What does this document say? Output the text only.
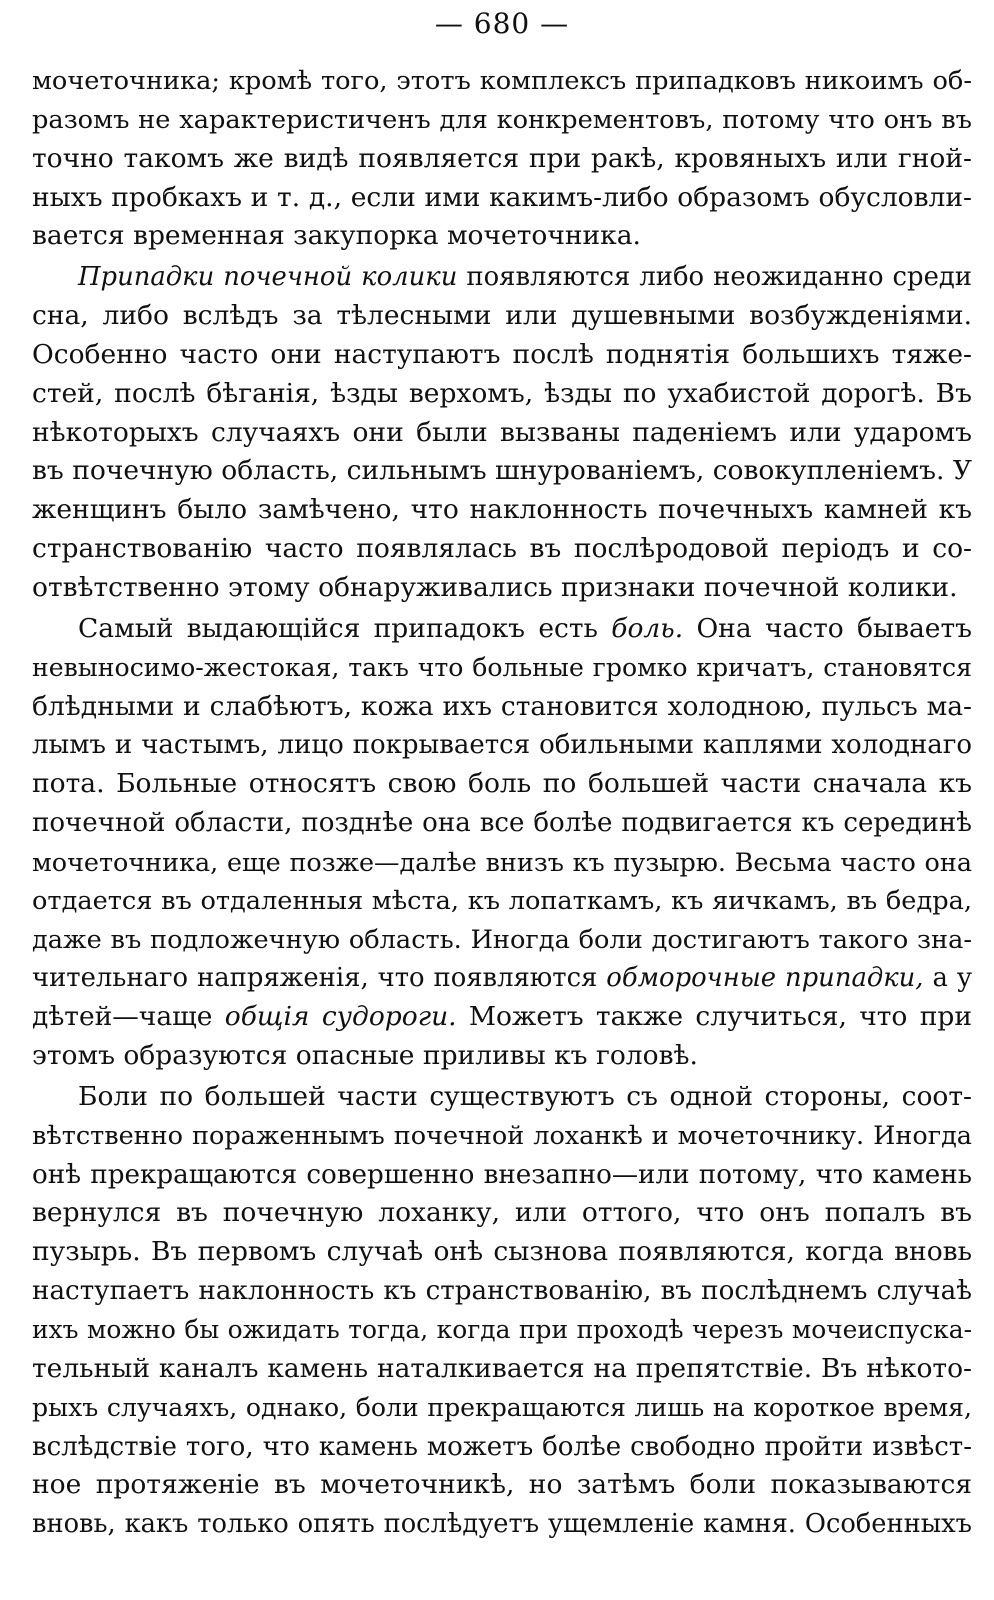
— 680 —
мочеточника; кромѣ того, этотъ комплексъ припадковъ никоимъ об-
разомъ не характеристиченъ для конкрементовъ, потому что онъ въ
точно такомъ же видѣ появляется при ракѣ, кровяныхъ или гной-
ныхъ пробкахъ и т. д., если ими какимъ-либо образомъ обусловли-
вается временная закупорка мочеточника.
Припадки почечной колики появляются либо неожиданно среди
сна, либо вслѣдъ за тѣлесными или душевными возбужденiями.
Особенно часто они наступаютъ послѣ поднятiя большихъ тяже-
стей, послѣ бѣганiя, ѣзды верхомъ, ѣзды по ухабистой дорогѣ. Въ
нѣкоторыхъ случаяхъ они были вызваны паденiемъ или ударомъ
въ почечную область, сильнымъ шнурованiемъ, совокупленiемъ. У
женщинъ было замѣчено, что наклонность почечныхъ камней къ
странствованiю часто появлялась въ послѣродовой перiодъ и со-
отвѣтственно этому обнаруживались признаки почечной колики.
Самый выдающiйся припадокъ есть боль. Она часто бываетъ
невыносимо-жестокая, такъ что больные громко кричатъ, становятся
блѣдными и слабѣютъ, кожа ихъ становится холодною, пульсъ ма-
лымъ и частымъ, лицо покрывается обильными каплями холоднаго
пота. Больные относятъ свою боль по большей части сначала къ
почечной области, позднѣе она все болѣе подвигается къ серединѣ
мочеточника, еще позже—далѣе внизъ къ пузырю. Весьма часто она
отдается въ отдаленныя мѣста, къ лопаткамъ, къ яичкамъ, въ бедра,
даже въ подложечную область. Иногда боли достигаютъ такого зна-
чительнаго напряженiя, что появляются обморочные припадки, а у
дѣтей—чаще общiя судороги. Можетъ также случиться, что при
этомъ образуются опасные приливы къ головѣ.
Боли по большей части существуютъ съ одной стороны, соот-
вѣтственно пораженнымъ почечной лоханкѣ и мочеточнику. Иногда
онѣ прекращаются совершенно внезапно—или потому, что камень
вернулся въ почечную лоханку, или оттого, что онъ попалъ въ
пузырь. Въ первомъ случаѣ онѣ сызнова появляются, когда вновь
наступаетъ наклонность къ странствованiю, въ послѣднемъ случаѣ
ихъ можно бы ожидать тогда, когда при проходѣ черезъ мочеиспуска-
тельный каналъ камень наталкивается на препятствiе. Въ нѣкото-
рыхъ случаяхъ, однако, боли прекращаются лишь на короткое время,
вслѣдствiе того, что камень можетъ болѣе свободно пройти извѣст-
ное протяженiе въ мочеточникѣ, но затѣмъ боли показываются
вновь, какъ только опять послѣдуетъ ущемленiе камня. Особенныхъ
